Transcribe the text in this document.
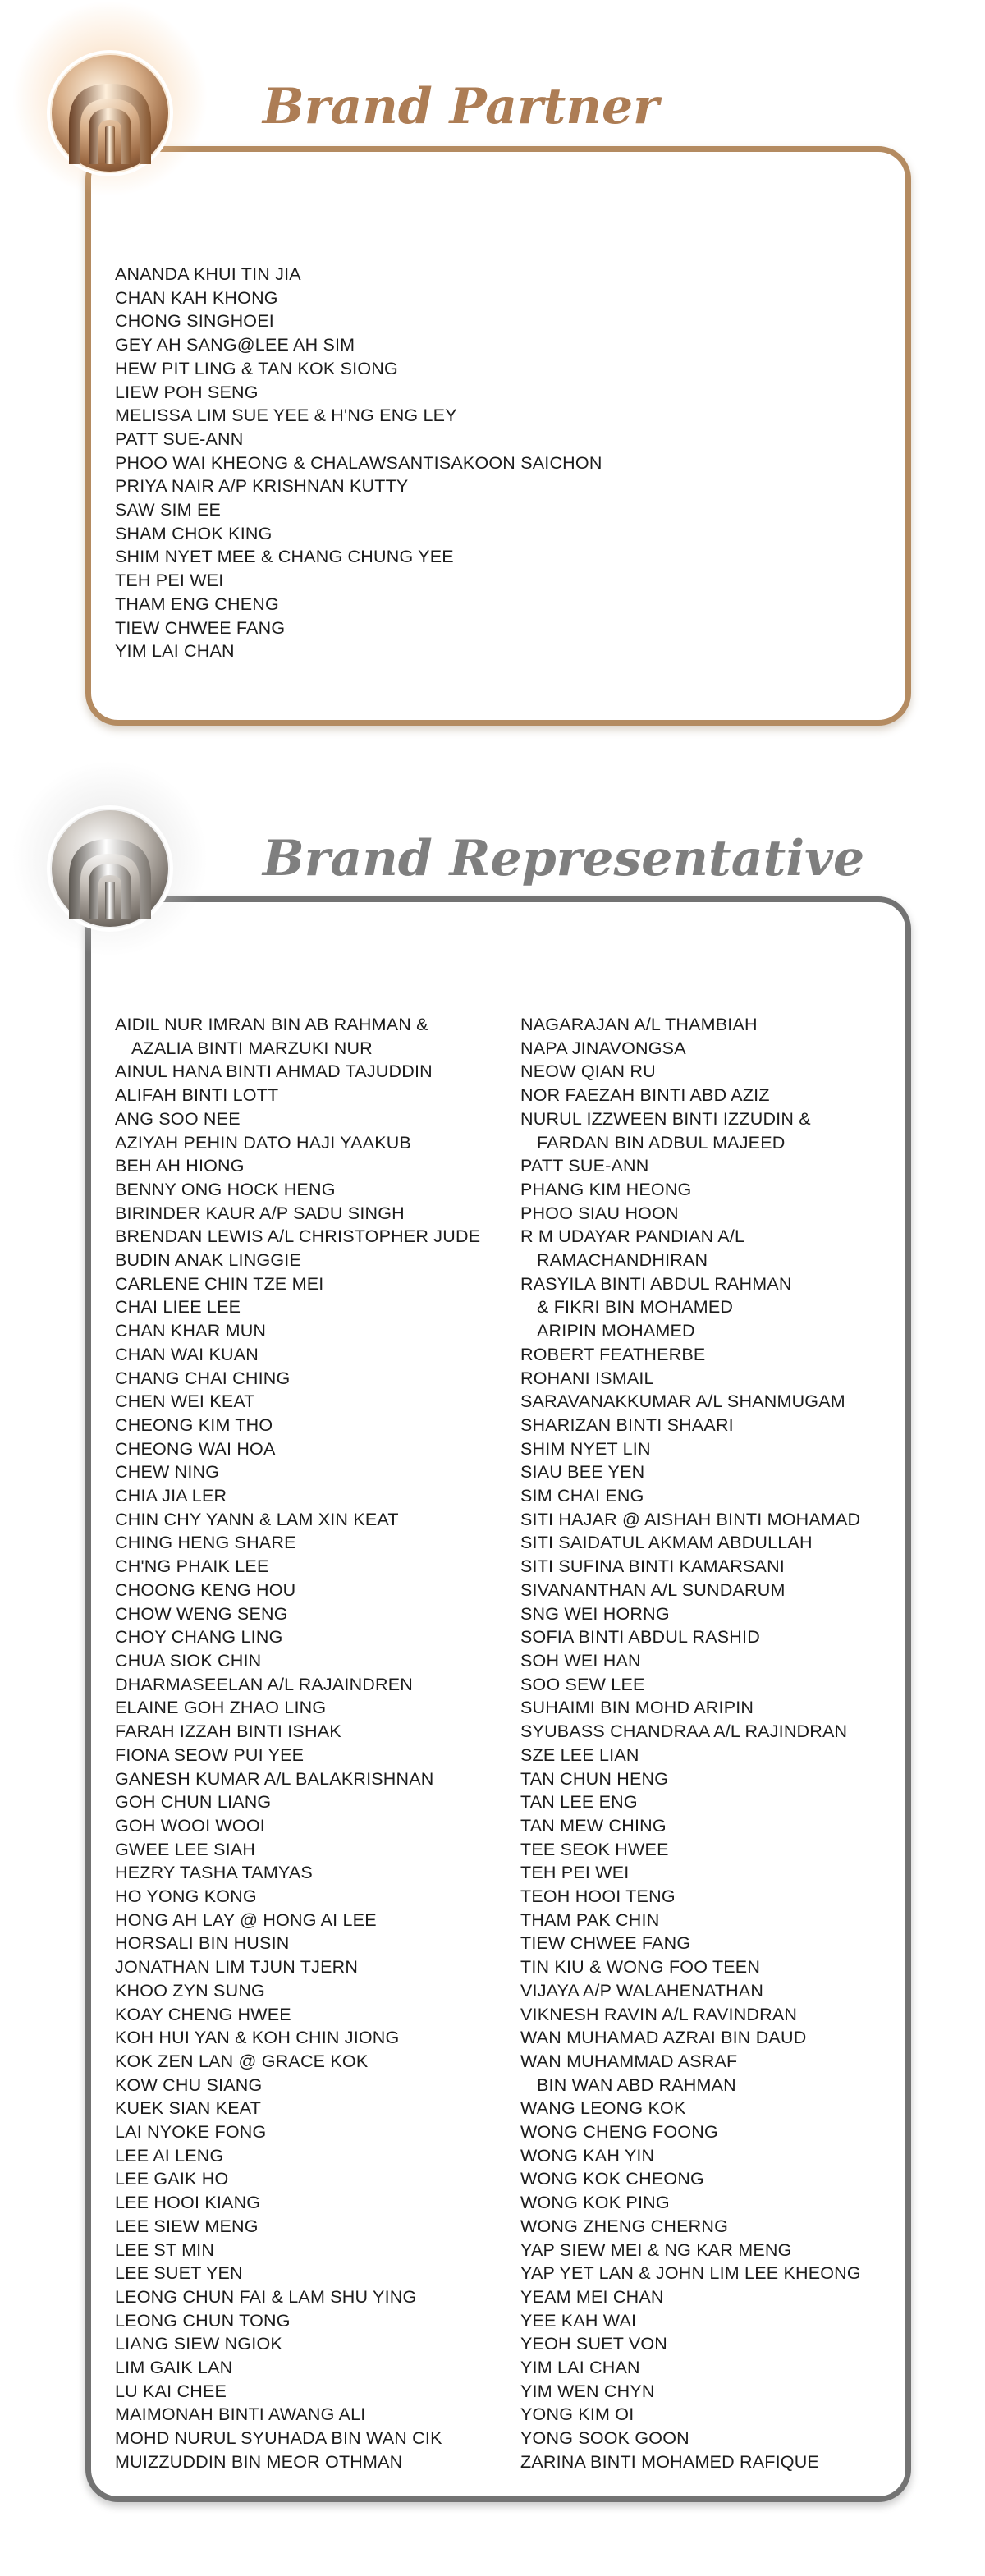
Brand Partner
ANANDA KHUI TIN JIA
CHAN KAH KHONG
CHONG SINGHOEI
GEY AH SANG@LEE AH SIM
HEW PIT LING & TAN KOK SIONG
LIEW POH SENG
MELISSA LIM SUE YEE & H'NG ENG LEY
PATT SUE-ANN
PHOO WAI KHEONG & CHALAWSANTISAKOON SAICHON
PRIYA NAIR A/P KRISHNAN KUTTY
SAW SIM EE
SHAM CHOK KING
SHIM NYET MEE & CHANG CHUNG YEE
TEH PEI WEI
THAM ENG CHENG
TIEW CHWEE FANG
YIM LAI CHAN
Brand Representative
AIDIL NUR IMRAN BIN AB RAHMAN &
AZALIA BINTI MARZUKI NUR
AINUL HANA BINTI AHMAD TAJUDDIN
ALIFAH BINTI LOTT
ANG SOO NEE
AZIYAH PEHIN DATO HAJI YAAKUB
BEH AH HIONG
BENNY ONG HOCK HENG
BIRINDER KAUR A/P SADU SINGH
BRENDAN LEWIS A/L CHRISTOPHER JUDE
BUDIN ANAK LINGGIE
CARLENE CHIN TZE MEI
CHAI LIEE LEE
CHAN KHAR MUN
CHAN WAI KUAN
CHANG CHAI CHING
CHEN WEI KEAT
CHEONG KIM THO
CHEONG WAI HOA
CHEW NING
CHIA JIA LER
CHIN CHY YANN & LAM XIN KEAT
CHING HENG SHARE
CH'NG PHAIK LEE
CHOONG KENG HOU
CHOW WENG SENG
CHOY CHANG LING
CHUA SIOK CHIN
DHARMASEELAN A/L RAJAINDREN
ELAINE GOH ZHAO LING
FARAH IZZAH BINTI ISHAK
FIONA SEOW PUI YEE
GANESH KUMAR A/L BALAKRISHNAN
GOH CHUN LIANG
GOH WOOI WOOI
GWEE LEE SIAH
HEZRY TASHA TAMYAS
HO YONG KONG
HONG AH LAY @ HONG AI LEE
HORSALI BIN HUSIN
JONATHAN LIM TJUN TJERN
KHOO ZYN SUNG
KOAY CHENG HWEE
KOH HUI YAN & KOH CHIN JIONG
KOK ZEN LAN @ GRACE KOK
KOW CHU SIANG
KUEK SIAN KEAT
LAI NYOKE FONG
LEE AI LENG
LEE GAIK HO
LEE HOOI KIANG
LEE SIEW MENG
LEE ST MIN
LEE SUET YEN
LEONG CHUN FAI & LAM SHU YING
LEONG CHUN TONG
LIANG SIEW NGIOK
LIM GAIK LAN
LU KAI CHEE
MAIMONAH BINTI AWANG ALI
MOHD NURUL SYUHADA BIN WAN CIK
MUIZZUDDIN BIN MEOR OTHMAN
NAGARAJAN A/L THAMBIAH
NAPA JINAVONGSA
NEOW QIAN RU
NOR FAEZAH BINTI ABD AZIZ
NURUL IZZWEEN BINTI IZZUDIN &
FARDAN BIN ADBUL MAJEED
PATT SUE-ANN
PHANG KIM HEONG
PHOO SIAU HOON
R M UDAYAR PANDIAN A/L
RAMACHANDHIRAN
RASYILA BINTI ABDUL RAHMAN
& FIKRI BIN MOHAMED
ARIPIN MOHAMED
ROBERT FEATHERBE
ROHANI ISMAIL
SARAVANAKKUMAR A/L SHANMUGAM
SHARIZAN BINTI SHAARI
SHIM NYET LIN
SIAU BEE YEN
SIM CHAI ENG
SITI HAJAR @ AISHAH BINTI MOHAMAD
SITI SAIDATUL AKMAM ABDULLAH
SITI SUFINA BINTI KAMARSANI
SIVANANTHAN A/L SUNDARUM
SNG WEI HORNG
SOFIA BINTI ABDUL RASHID
SOH WEI HAN
SOO SEW LEE
SUHAIMI BIN MOHD ARIPIN
SYUBASS CHANDRAA A/L RAJINDRAN
SZE LEE LIAN
TAN CHUN HENG
TAN LEE ENG
TAN MEW CHING
TEE SEOK HWEE
TEH PEI WEI
TEOH HOOI TENG
THAM PAK CHIN
TIEW CHWEE FANG
TIN KIU & WONG FOO TEEN
VIJAYA A/P WALAHENATHAN
VIKNESH RAVIN A/L RAVINDRAN
WAN MUHAMAD AZRAI BIN DAUD
WAN MUHAMMAD ASRAF
BIN WAN ABD RAHMAN
WANG LEONG KOK
WONG CHENG FOONG
WONG KAH YIN
WONG KOK CHEONG
WONG KOK PING
WONG ZHENG CHERNG
YAP SIEW MEI & NG KAR MENG
YAP YET LAN & JOHN LIM LEE KHEONG
YEAM MEI CHAN
YEE KAH WAI
YEOH SUET VON
YIM LAI CHAN
YIM WEN CHYN
YONG KIM OI
YONG SOOK GOON
ZARINA BINTI MOHAMED RAFIQUE
